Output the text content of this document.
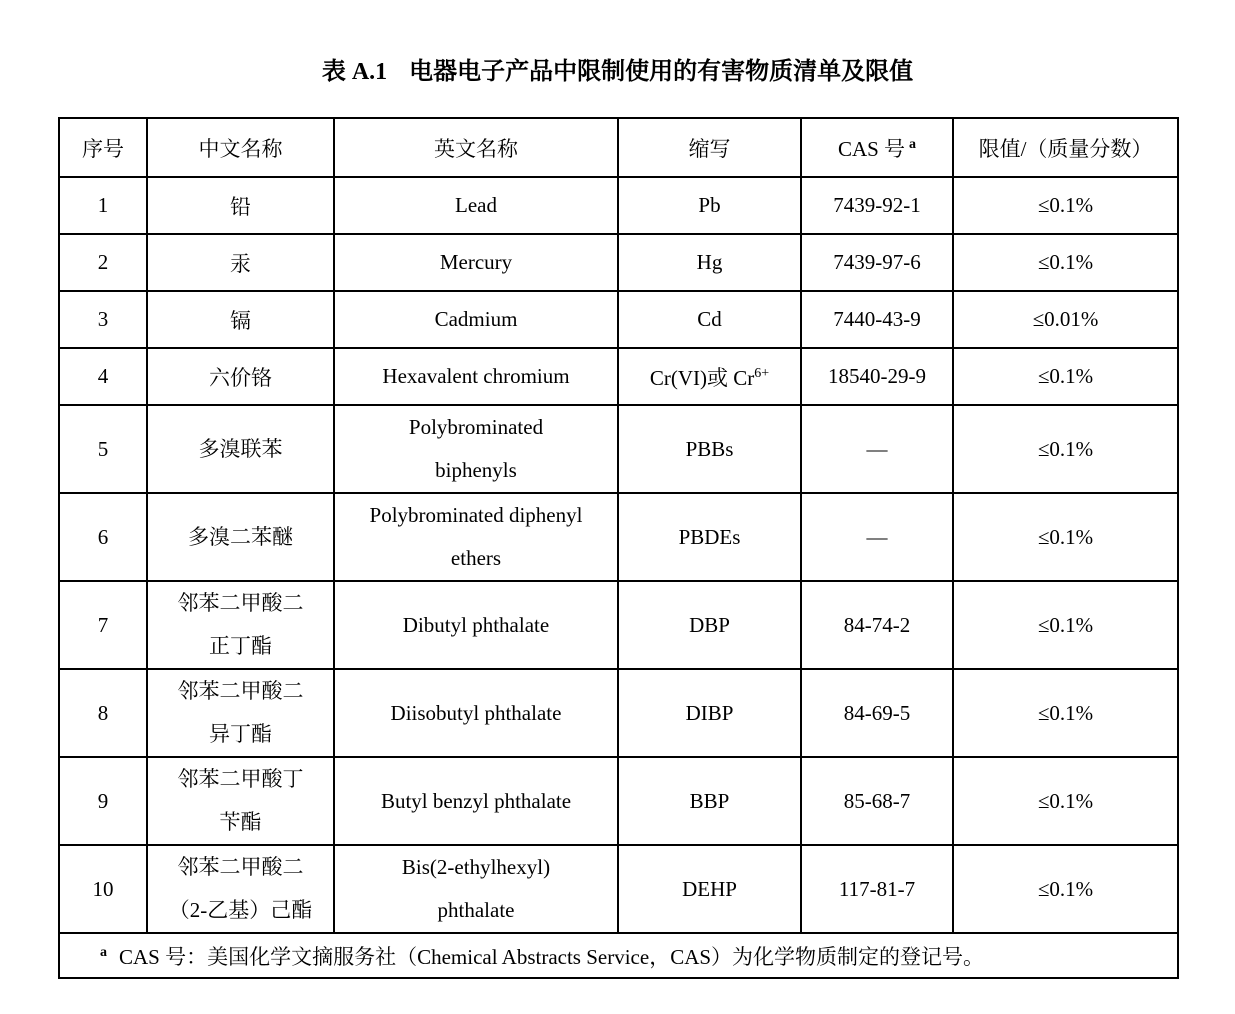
表 A.1 电器电子产品中限制使用的有害物质清单及限值
序号	中文名称	英文名称	缩写	CAS 号 $^a$	限值/（质量分数）

1	铅	Lead	Pb	7439-92-1	≤0.1%

2	汞	Mercury	Hg	7439-97-6	≤0.1%

3	镉	Cadmium	Cd	7440-43-9	≤0.01%

4	六价铬	Hexavalent chromium	Cr(VI)或 $Cr^{6+}$	18540-29-9	≤0.1%

5	多溴联苯	Polybrominated
biphenyls	PBBs	—	≤0.1%

6	多溴二苯醚	Polybrominated diphenyl
ethers	PBDEs	—	≤0.1%

7	邻苯二甲酸二
正丁酯	Dibutyl phthalate	DBP	84-74-2	≤0.1%

8	邻苯二甲酸二
异丁酯	Diisobutyl phthalate	DIBP	84-69-5	≤0.1%

9	邻苯二甲酸丁
苄酯	Butyl benzyl phthalate	BBP	85-68-7	≤0.1%

10	邻苯二甲酸二
（2-乙基）己酯	Bis(2-ethylhexyl)
phthalate	DEHP	117-81-7	≤0.1%

$^a$ CAS 号：美国化学文摘服务社（Chemical Abstracts Service，CAS）为化学物质制定的登记号。					
